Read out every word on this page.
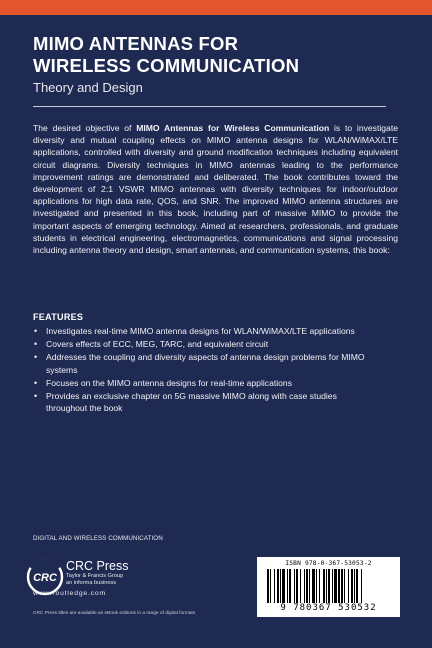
MIMO ANTENNAS FOR
WIRELESS COMMUNICATION
Theory and Design
The desired objective of MIMO Antennas for Wireless Communication is to investigate diversity and mutual coupling effects on MIMO antenna designs for WLAN/WiMAX/LTE applications, controlled with diversity and ground modification techniques including equivalent circuit diagrams. Diversity techniques in MIMO antennas leading to the performance improvement ratings are demonstrated and deliberated. The book contributes toward the development of 2:1 VSWR MIMO antennas with diversity techniques for indoor/outdoor applications for high data rate, QOS, and SNR. The improved MIMO antenna structures are investigated and presented in this book, including part of massive MIMO to provide the important aspects of emerging technology. Aimed at researchers, professionals, and graduate students in electrical engineering, electromagnetics, communications and signal processing including antenna theory and design, smart antennas, and communication systems, this book:
FEATURES
• Investigates real-time MIMO antenna designs for WLAN/WiMAX/LTE applications
• Covers effects of ECC, MEG, TARC, and equivalent circuit
• Addresses the coupling and diversity aspects of antenna design problems for MIMO systems
• Focuses on the MIMO antenna designs for real-time applications
• Provides an exclusive chapter on 5G massive MIMO along with case studies throughout the book
DIGITAL AND WIRELESS COMMUNICATION
CRC
CRC Press
Taylor & Francis Group
an informa business
www.routledge.com
CRC Press titles are available as eBook editions in a range of digital formats
ISBN 978-0-367-53053-2
9 780367 530532
